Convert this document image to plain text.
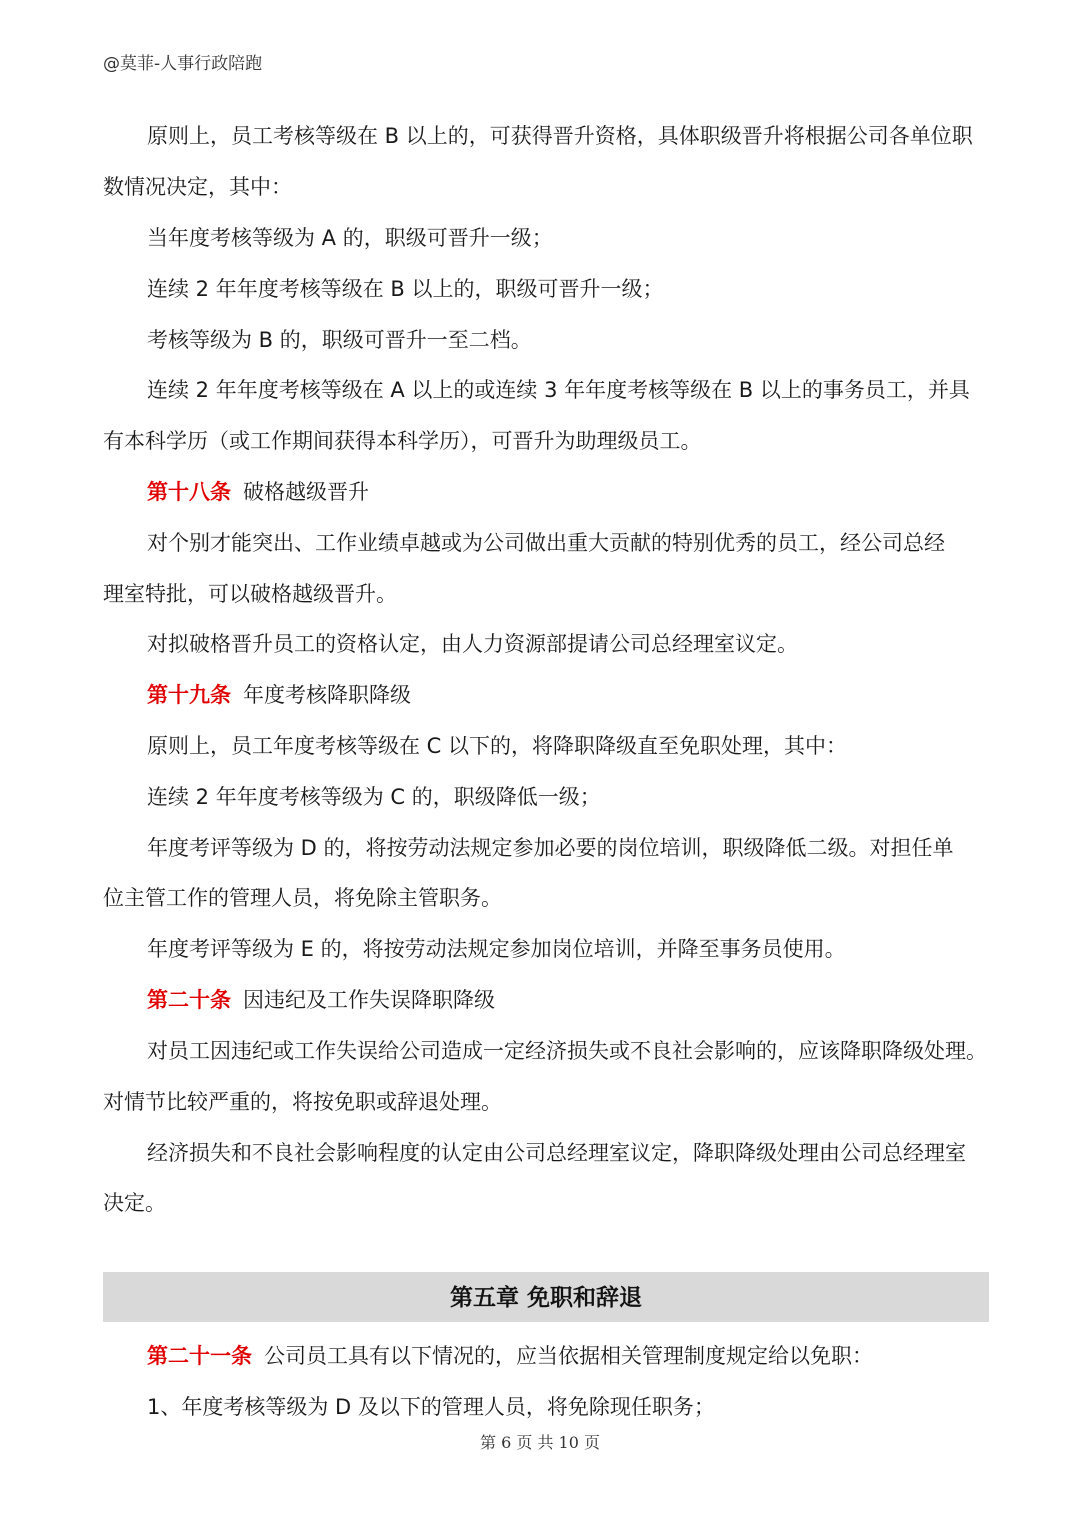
@莫菲-人事行政陪跑
原则上，员工考核等级在 B 以上的，可获得晋升资格，具体职级晋升将根据公司各单位职
数情况决定，其中：
当年度考核等级为 A 的，职级可晋升一级；
连续 2 年年度考核等级在 B 以上的，职级可晋升一级；
考核等级为 B 的，职级可晋升一至二档。
连续 2 年年度考核等级在 A 以上的或连续 3 年年度考核等级在 B 以上的事务员工，并具
有本科学历（或工作期间获得本科学历），可晋升为助理级员工。
第十八条 破格越级晋升
对个别才能突出、工作业绩卓越或为公司做出重大贡献的特别优秀的员工，经公司总经
理室特批，可以破格越级晋升。
对拟破格晋升员工的资格认定，由人力资源部提请公司总经理室议定。
第十九条 年度考核降职降级
原则上，员工年度考核等级在 C 以下的，将降职降级直至免职处理，其中：
连续 2 年年度考核等级为 C 的，职级降低一级；
年度考评等级为 D 的，将按劳动法规定参加必要的岗位培训，职级降低二级。对担任单
位主管工作的管理人员，将免除主管职务。
年度考评等级为 E 的，将按劳动法规定参加岗位培训，并降至事务员使用。
第二十条 因违纪及工作失误降职降级
对员工因违纪或工作失误给公司造成一定经济损失或不良社会影响的，应该降职降级处理。
对情节比较严重的，将按免职或辞退处理。
经济损失和不良社会影响程度的认定由公司总经理室议定，降职降级处理由公司总经理室
决定。
第五章 免职和辞退
第二十一条 公司员工具有以下情况的，应当依据相关管理制度规定给以免职：
1、年度考核等级为 D 及以下的管理人员，将免除现任职务；
第 6 页 共 10 页
